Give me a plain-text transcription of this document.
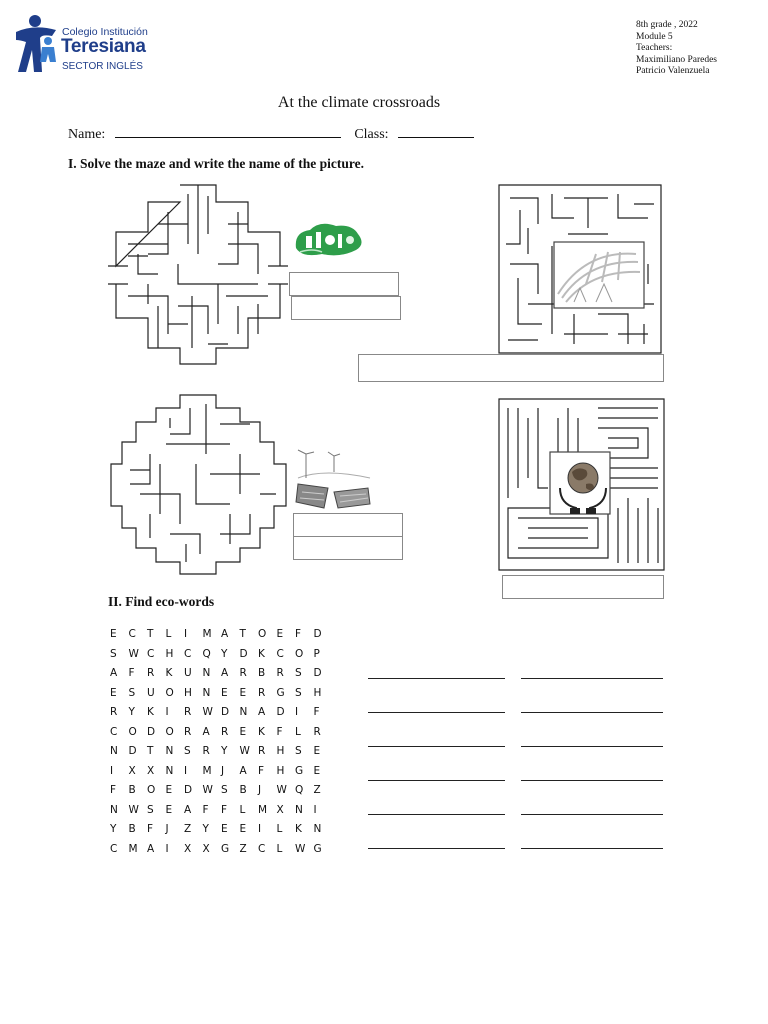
Colegio Institución
Teresiana
SECTOR INGLÉS
8th grade , 2022
Module 5
Teachers:
Maximiliano Paredes
Patricio Valenzuela
At the climate crossroads
Name:	Class:
I. Solve the maze and write the name of the picture.
II. Find eco-words
E C T L I M A T O E F D
S W C H C Q Y D K C O P
A F R K U N A R B R S D
E S U O H N E E R G S H
R Y K I R W D N A D I F
C O D O R A R E K F L R
N D T N S R Y W R H S E
I X X N I M J A F H G E
F B O E D W S B J W Q Z
N W S E A F F L M X N I
Y B F J Z Y E E I L K N
C M A I X X G Z C L W G
